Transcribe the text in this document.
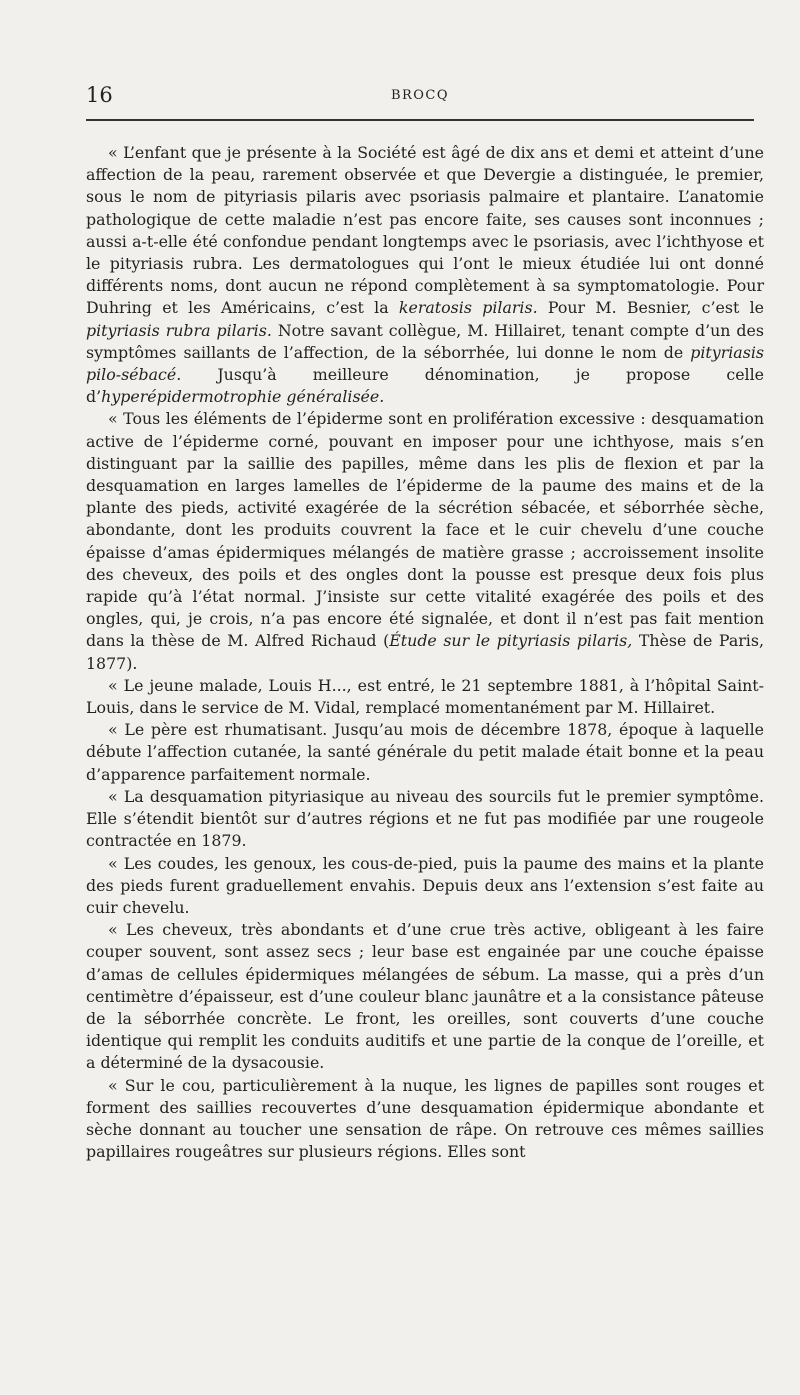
16	BROCQ

« L’enfant que je présente à la Société est âgé de dix ans et demi et atteint d’une affection de la peau, rarement observée et que Devergie a distinguée, le premier, sous le nom de pityriasis pilaris avec psoriasis palmaire et plantaire. L’anatomie pathologique de cette maladie n’est pas encore faite, ses causes sont inconnues ; aussi a-t-elle été confondue pendant longtemps avec le psoriasis, avec l’ichthyose et le pityriasis rubra. Les dermatologues qui l’ont le mieux étudiée lui ont donné différents noms, dont aucun ne répond complètement à sa symptomatologie. Pour Duhring et les Américains, c’est la keratosis pilaris. Pour M. Besnier, c’est le pityriasis rubra pilaris. Notre savant collègue, M. Hillairet, tenant compte d’un des symptômes saillants de l’affection, de la séborrhée, lui donne le nom de pityriasis pilo-sébacé. Jusqu’à meilleure dénomination, je propose celle d’hyperépidermotrophie généralisée.

« Tous les éléments de l’épiderme sont en prolifération excessive : desquamation active de l’épiderme corné, pouvant en imposer pour une ichthyose, mais s’en distinguant par la saillie des papilles, même dans les plis de flexion et par la desquamation en larges lamelles de l’épiderme de la paume des mains et de la plante des pieds, activité exagérée de la sécrétion sébacée, et séborrhée sèche, abondante, dont les produits couvrent la face et le cuir chevelu d’une couche épaisse d’amas épidermiques mélangés de matière grasse ; accroissement insolite des cheveux, des poils et des ongles dont la pousse est presque deux fois plus rapide qu’à l’état normal. J’insiste sur cette vitalité exagérée des poils et des ongles, qui, je crois, n’a pas encore été signalée, et dont il n’est pas fait mention dans la thèse de M. Alfred Richaud (Étude sur le pityriasis pilaris, Thèse de Paris, 1877).

« Le jeune malade, Louis H..., est entré, le 21 septembre 1881, à l’hôpital Saint-Louis, dans le service de M. Vidal, remplacé momentanément par M. Hillairet.

« Le père est rhumatisant. Jusqu’au mois de décembre 1878, époque à laquelle débute l’affection cutanée, la santé générale du petit malade était bonne et la peau d’apparence parfaitement normale.

« La desquamation pityriasique au niveau des sourcils fut le premier symptôme. Elle s’étendit bientôt sur d’autres régions et ne fut pas modifiée par une rougeole contractée en 1879.

« Les coudes, les genoux, les cous-de-pied, puis la paume des mains et la plante des pieds furent graduellement envahis. Depuis deux ans l’extension s’est faite au cuir chevelu.

« Les cheveux, très abondants et d’une crue très active, obligeant à les faire couper souvent, sont assez secs ; leur base est engainée par une couche épaisse d’amas de cellules épidermiques mélangées de sébum. La masse, qui a près d’un centimètre d’épaisseur, est d’une couleur blanc jaunâtre et a la consistance pâteuse de la séborrhée concrète. Le front, les oreilles, sont couverts d’une couche identique qui remplit les conduits auditifs et une partie de la conque de l’oreille, et a déterminé de la dysacousie.

« Sur le cou, particulièrement à la nuque, les lignes de papilles sont rouges et forment des saillies recouvertes d’une desquamation épidermique abondante et sèche donnant au toucher une sensation de râpe. On retrouve ces mêmes saillies papillaires rougeâtres sur plusieurs régions. Elles sont
